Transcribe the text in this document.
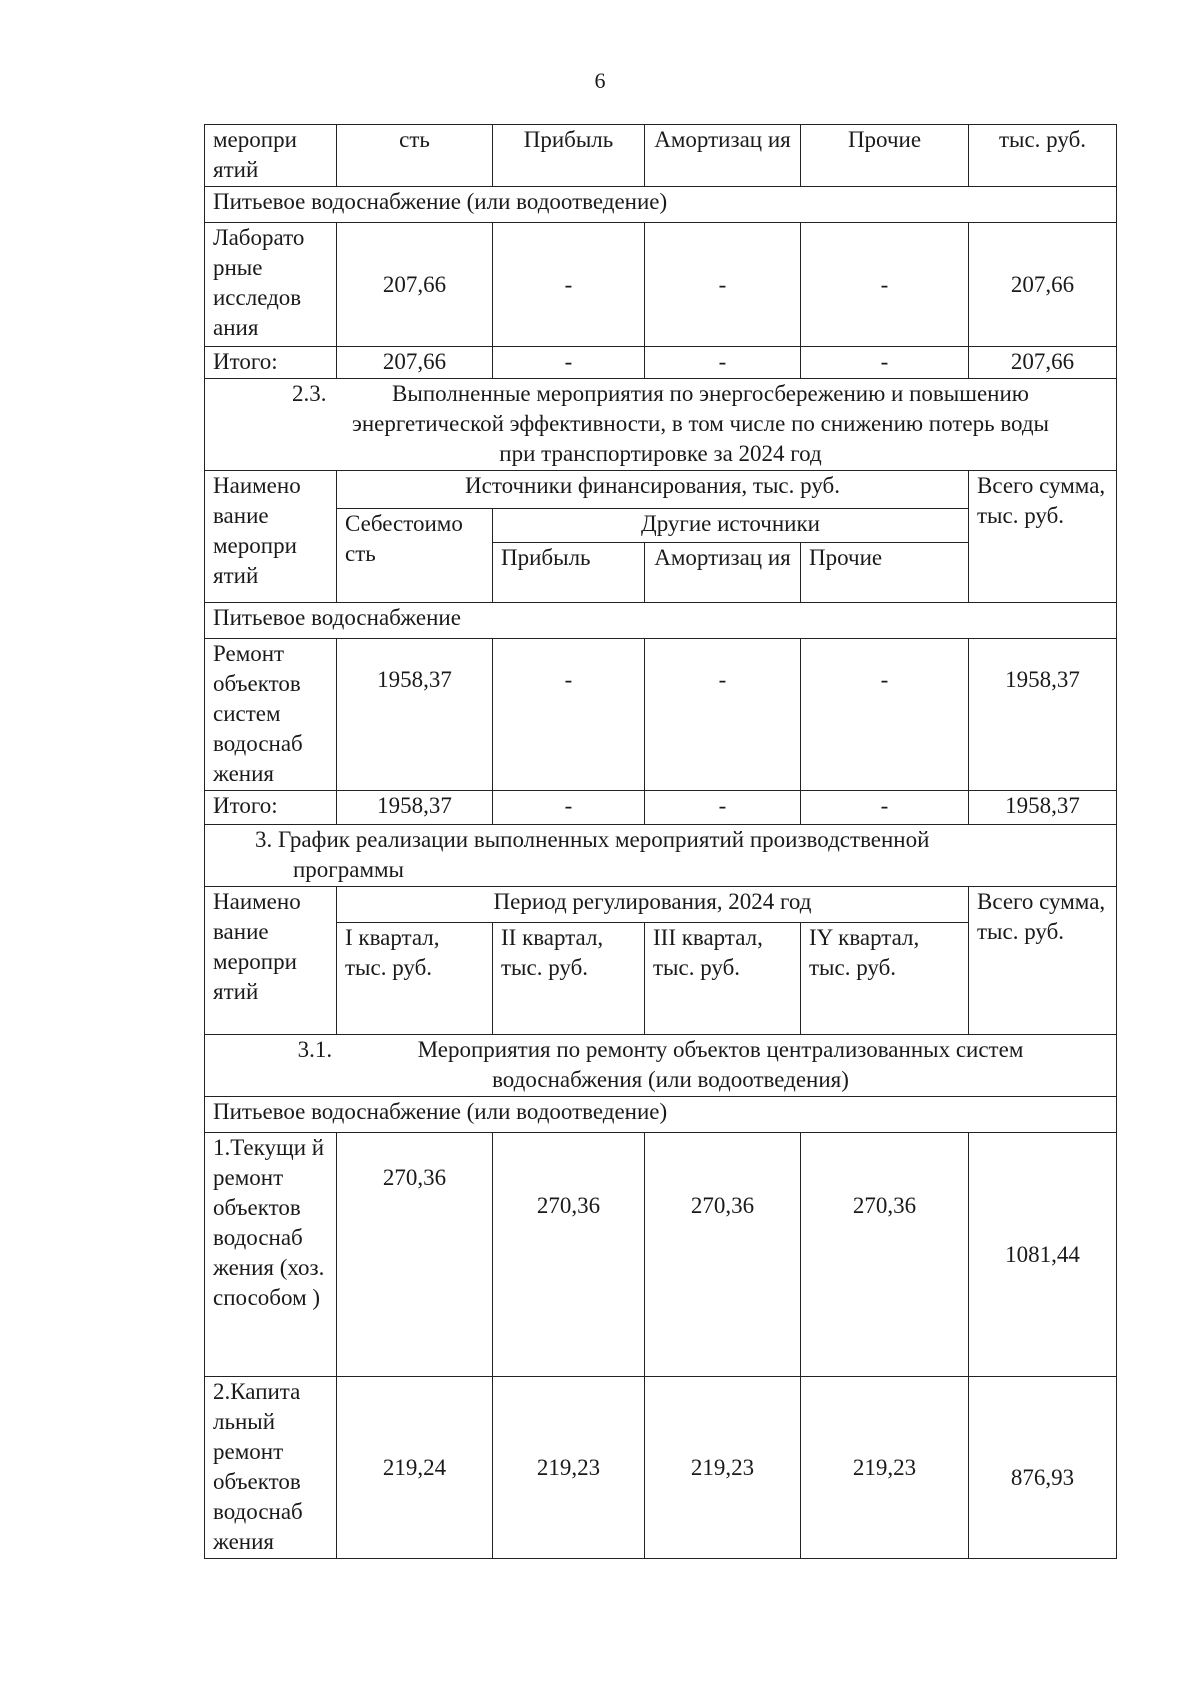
6
меропри ятий	сть	Прибыль	Амортизац ия	Прочие	тыс. руб.
Питьевое водоснабжение (или водоотведение)					
Лаборато рные исследов ания	207,66	-	-	-	207,66
Итого:	207,66	-	-	-	207,66

2.3. Выполненные мероприятия по энергосбережению и повышению
энергетической эффективности, в том числе по снижению потерь воды
при транспортировке за 2024 год					

Наимено вание меропри ятий	Источники финансирования, тыс. руб.				Всего сумма, тыс. руб.
	Себестоимо сть	Другие источники			
		Прибыль	Амортизац ия	Прочие	
Питьевое водоснабжение					
Ремонт объектов систем водоснаб жения	1958,37	-	-	-	1958,37
Итого:	1958,37	-	-	-	1958,37

3. График реализации выполненных мероприятий производственной
программы					

Наимено вание меропри ятий	Период регулирования, 2024 год				Всего сумма, тыс. руб.
	I квартал, тыс. руб.	II квартал, тыс. руб.	III квартал, тыс. руб.	IY квартал, тыс. руб.	

3.1. Мероприятия по ремонту объектов централизованных систем
водоснабжения (или водоотведения)					

Питьевое водоснабжение (или водоотведение)					
1.Текущи й ремонт объектов водоснаб жения (хоз. способом )	270,36	270,36	270,36	270,36	1081,44
2.Капита льный ремонт объектов водоснаб жения	219,24	219,23	219,23	219,23	876,93
